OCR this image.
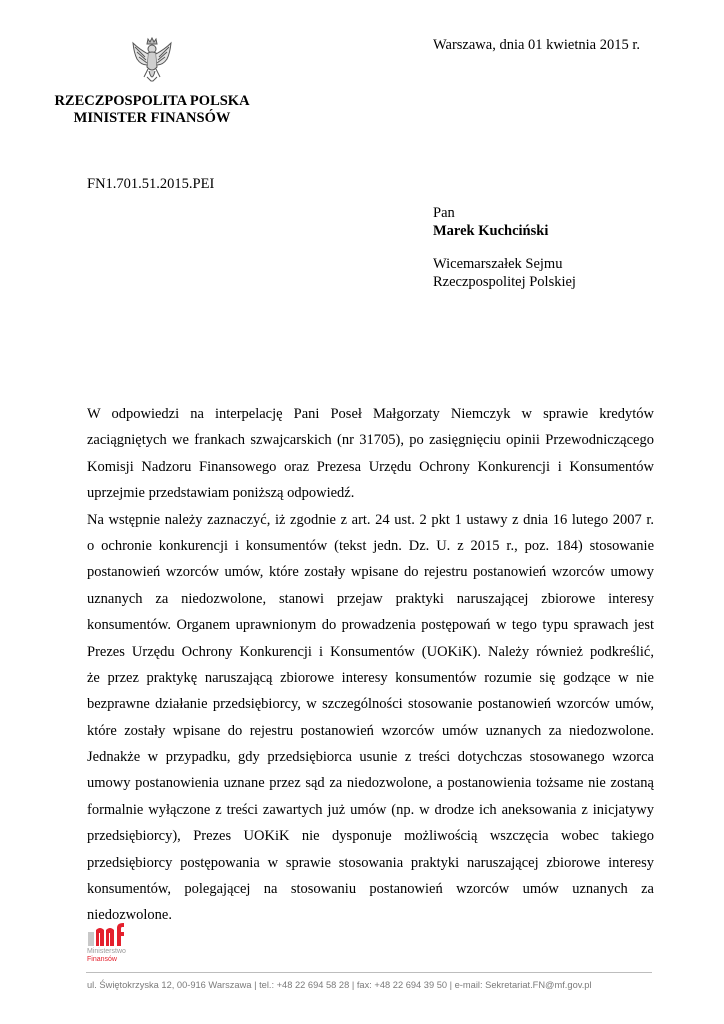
RZECZPOSPOLITA POLSKA
MINISTER FINANSÓW
Warszawa, dnia 01 kwietnia 2015 r.
FN1.701.51.2015.PEI
Pan
Marek Kuchciński
Wicemarszałek Sejmu
Rzeczpospolitej Polskiej
W odpowiedzi na interpelację Pani Poseł Małgorzaty Niemczyk w sprawie kredytów
zaciągniętych we frankach szwajcarskich (nr 31705), po zasięgnięciu opinii Przewodniczącego
Komisji Nadzoru Finansowego oraz Prezesa Urzędu Ochrony Konkurencji i Konsumentów
uprzejmie przedstawiam poniższą odpowiedź.
Na wstępnie należy zaznaczyć, iż zgodnie z art. 24 ust. 2 pkt 1 ustawy z dnia 16 lutego 2007 r.
o ochronie konkurencji i konsumentów (tekst jedn. Dz. U. z 2015 r., poz. 184) stosowanie
postanowień wzorców umów, które zostały wpisane do rejestru postanowień wzorców umowy
uznanych za niedozwolone, stanowi przejaw praktyki naruszającej zbiorowe interesy
konsumentów. Organem uprawnionym do prowadzenia postępowań w tego typu sprawach jest
Prezes Urzędu Ochrony Konkurencji i Konsumentów (UOKiK). Należy również podkreślić,
że przez praktykę naruszającą zbiorowe interesy konsumentów rozumie się godzące w nie
bezprawne działanie przedsiębiorcy, w szczególności stosowanie postanowień wzorców umów,
które zostały wpisane do rejestru postanowień wzorców umów uznanych za niedozwolone.
Jednakże w przypadku, gdy przedsiębiorca usunie z treści dotychczas stosowanego wzorca
umowy postanowienia uznane przez sąd za niedozwolone, a postanowienia tożsame nie zostaną
formalnie wyłączone z treści zawartych już umów (np. w drodze ich aneksowania z inicjatywy
przedsiębiorcy), Prezes UOKiK nie dysponuje możliwością wszczęcia wobec takiego
przedsiębiorcy postępowania w sprawie stosowania praktyki naruszającej zbiorowe interesy
konsumentów, polegającej na stosowaniu postanowień wzorców umów uznanych za
niedozwolone.
Ministerstwo
Finansów
ul. Świętokrzyska 12, 00-916 Warszawa | tel.: +48 22 694 58 28 | fax: +48 22 694 39 50 | e-mail: Sekretariat.FN@mf.gov.pl
